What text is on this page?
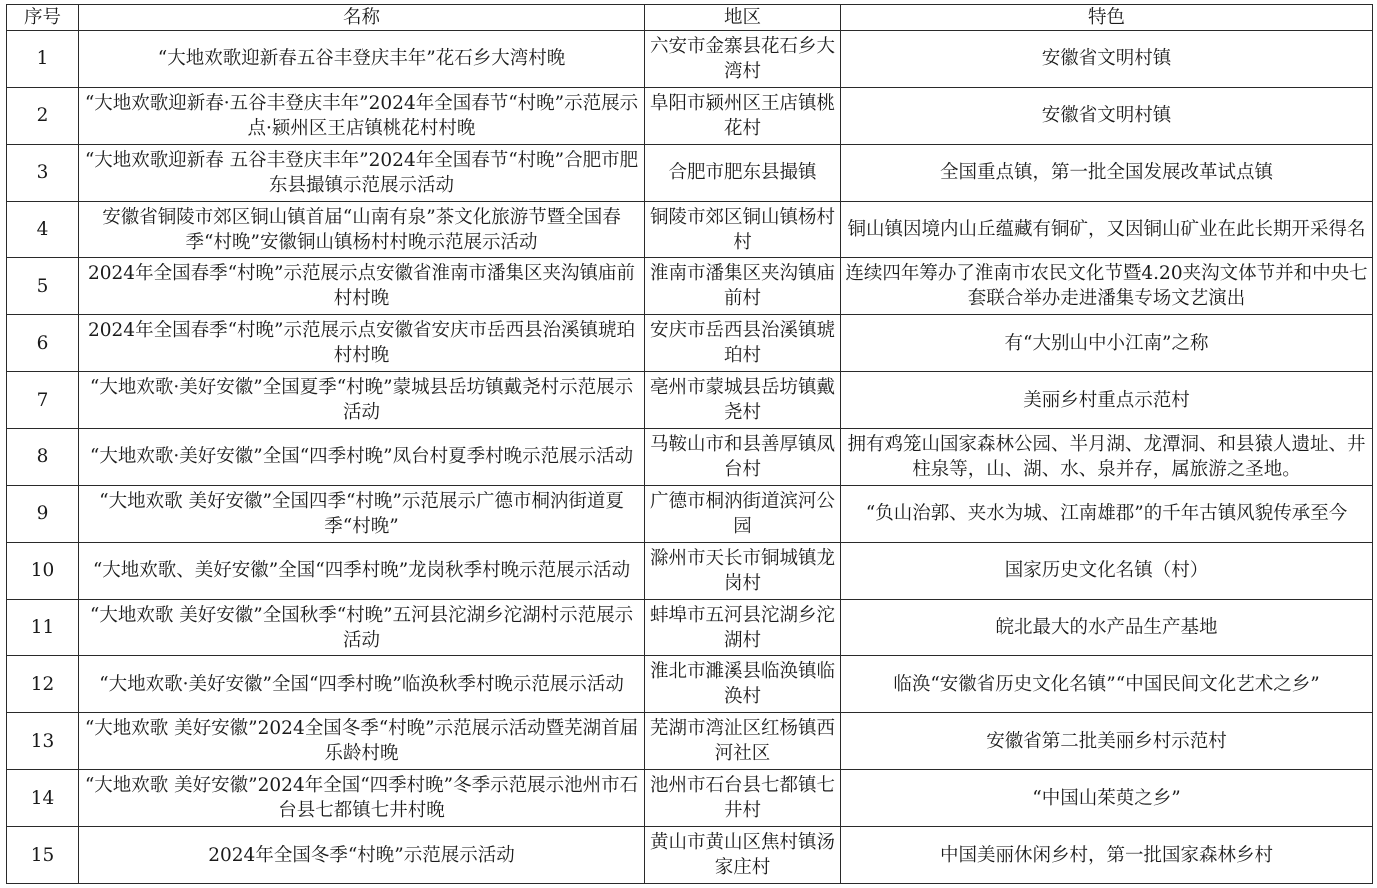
序号	名称	地区	特色
1	“大地欢歌迎新春五谷丰登庆丰年”花石乡大湾村晚	六安市金寨县花石乡大湾村	安徽省文明村镇
2	“大地欢歌迎新春·五谷丰登庆丰年”2024年全国春节“村晚”示范展示点·颍州区王店镇桃花村村晚	阜阳市颍州区王店镇桃花村	安徽省文明村镇
3	“大地欢歌迎新春 五谷丰登庆丰年”2024年全国春节“村晚”合肥市肥东县撮镇示范展示活动	合肥市肥东县撮镇	全国重点镇，第一批全国发展改革试点镇
4	安徽省铜陵市郊区铜山镇首届“山南有泉”茶文化旅游节暨全国春季“村晚”安徽铜山镇杨村村晚示范展示活动	铜陵市郊区铜山镇杨村村	铜山镇因境内山丘蕴藏有铜矿，又因铜山矿业在此长期开采得名
5	2024年全国春季“村晚”示范展示点安徽省淮南市潘集区夹沟镇庙前村村晚	淮南市潘集区夹沟镇庙前村	连续四年筹办了淮南市农民文化节暨4.20夹沟文体节并和中央七套联合举办走进潘集专场文艺演出
6	2024年全国春季“村晚”示范展示点安徽省安庆市岳西县治溪镇琥珀村村晚	安庆市岳西县治溪镇琥珀村	有“大别山中小江南”之称
7	“大地欢歌·美好安徽”全国夏季“村晚”蒙城县岳坊镇戴尧村示范展示活动	亳州市蒙城县岳坊镇戴尧村	美丽乡村重点示范村
8	“大地欢歌·美好安徽”全国“四季村晚”凤台村夏季村晚示范展示活动	马鞍山市和县善厚镇凤台村	拥有鸡笼山国家森林公园、半月湖、龙潭洞、和县猿人遗址、井柱泉等，山、湖、水、泉并存，属旅游之圣地。
9	“大地欢歌 美好安徽”全国四季“村晚”示范展示广德市桐汭街道夏季“村晚”	广德市桐汭街道滨河公园	“负山治郭、夹水为城、江南雄郡”的千年古镇风貌传承至今
10	“大地欢歌、美好安徽”全国“四季村晚”龙岗秋季村晚示范展示活动	滁州市天长市铜城镇龙岗村	国家历史文化名镇（村）
11	“大地欢歌 美好安徽”全国秋季“村晚”五河县沱湖乡沱湖村示范展示活动	蚌埠市五河县沱湖乡沱湖村	皖北最大的水产品生产基地
12	“大地欢歌·美好安徽”全国“四季村晚”临涣秋季村晚示范展示活动	淮北市濉溪县临涣镇临涣村	临涣“安徽省历史文化名镇”“中国民间文化艺术之乡”
13	“大地欢歌 美好安徽”2024全国冬季“村晚”示范展示活动暨芜湖首届乐龄村晚	芜湖市湾沚区红杨镇西河社区	安徽省第二批美丽乡村示范村
14	“大地欢歌 美好安徽”2024年全国“四季村晚”冬季示范展示池州市石台县七都镇七井村晚	池州市石台县七都镇七井村	“中国山茱萸之乡”
15	2024年全国冬季“村晚”示范展示活动	黄山市黄山区焦村镇汤家庄村	中国美丽休闲乡村，第一批国家森林乡村
